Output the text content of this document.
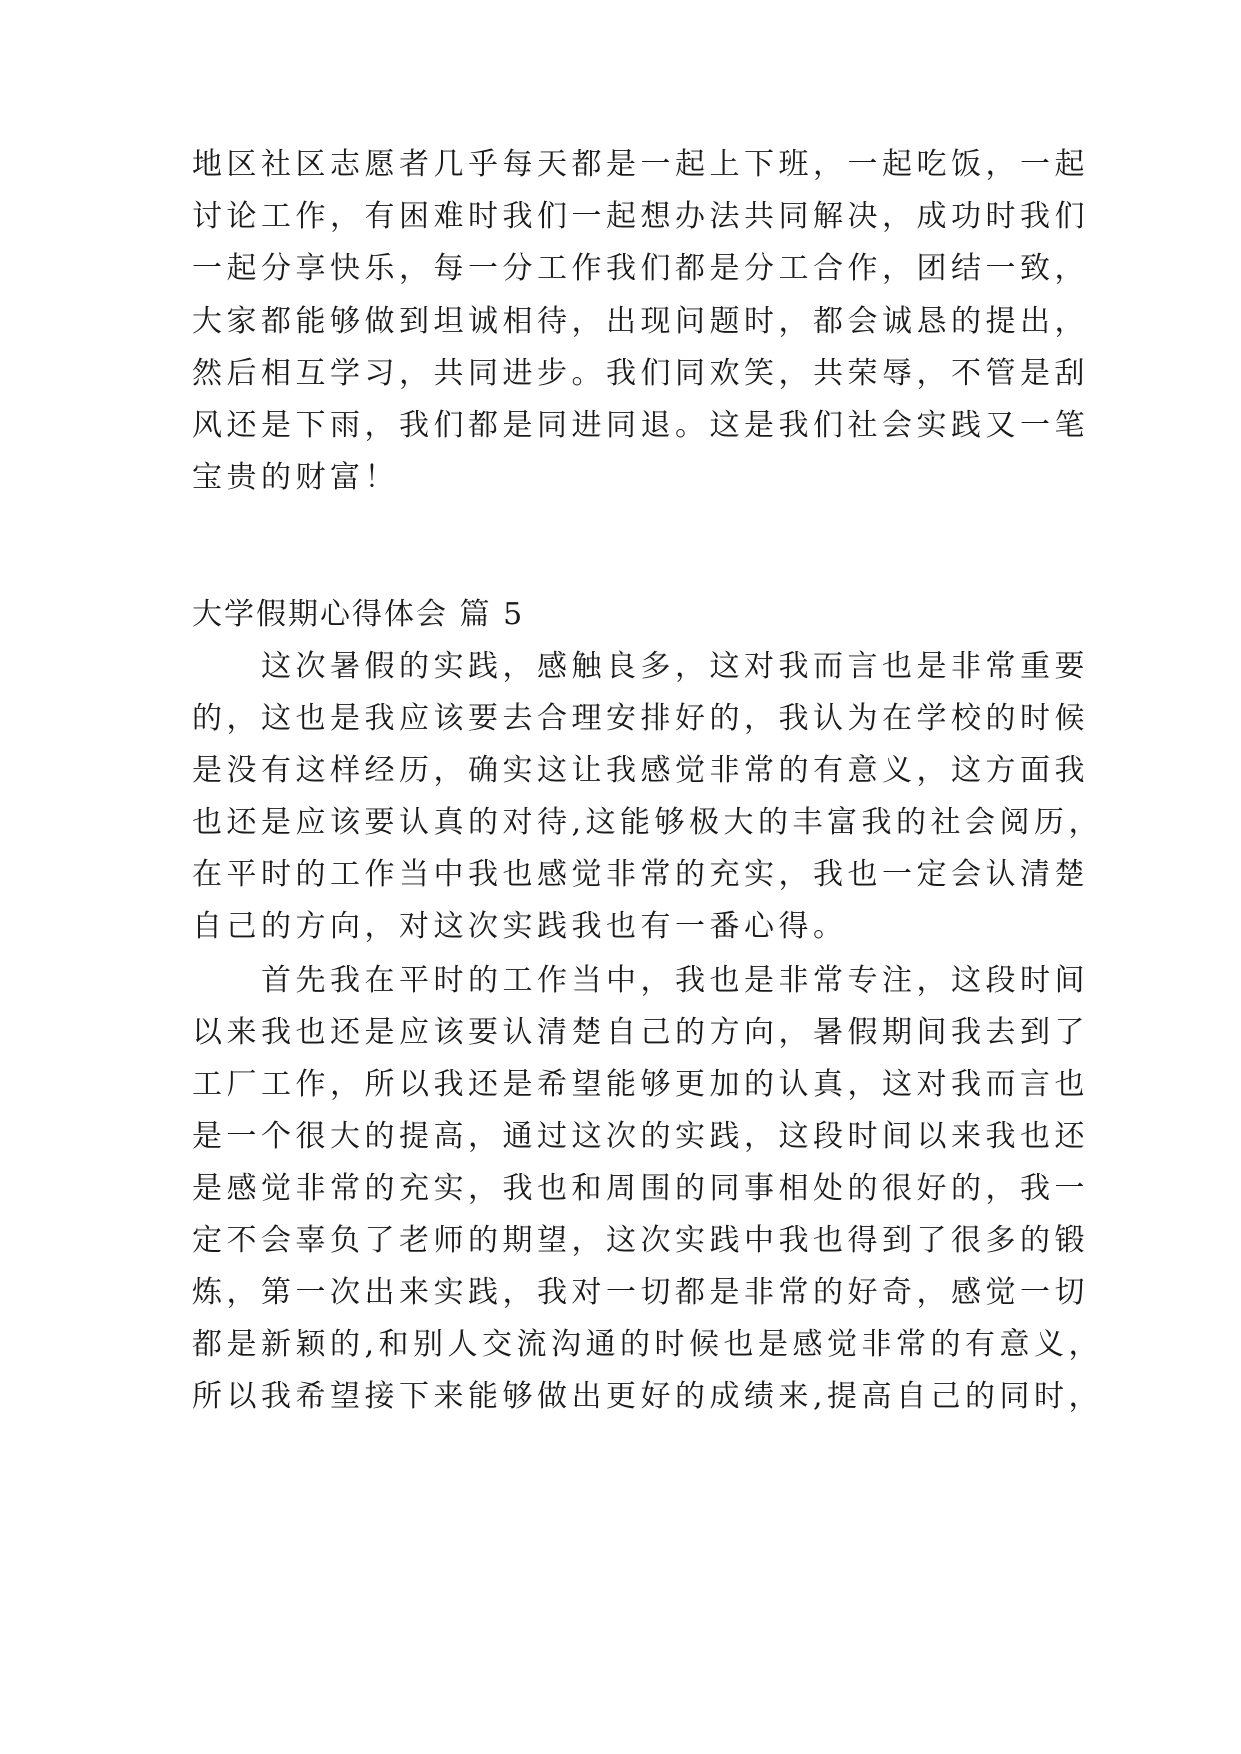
地区社区志愿者几乎每天都是一起上下班，一起吃饭，一起
讨论工作，有困难时我们一起想办法共同解决，成功时我们
一起分享快乐，每一分工作我们都是分工合作，团结一致，
大家都能够做到坦诚相待，出现问题时，都会诚恳的提出，
然后相互学习，共同进步。我们同欢笑，共荣辱，不管是刮
风还是下雨，我们都是同进同退。这是我们社会实践又一笔
宝贵的财富！
大学假期心得体会 篇 5
　　这次暑假的实践，感触良多，这对我而言也是非常重要
的，这也是我应该要去合理安排好的，我认为在学校的时候
是没有这样经历，确实这让我感觉非常的有意义，这方面我
也还是应该要认真的对待,这能够极大的丰富我的社会阅历，
在平时的工作当中我也感觉非常的充实，我也一定会认清楚
自己的方向，对这次实践我也有一番心得。
　　首先我在平时的工作当中，我也是非常专注，这段时间
以来我也还是应该要认清楚自己的方向，暑假期间我去到了
工厂工作，所以我还是希望能够更加的认真，这对我而言也
是一个很大的提高，通过这次的实践，这段时间以来我也还
是感觉非常的充实，我也和周围的同事相处的很好的，我一
定不会辜负了老师的期望，这次实践中我也得到了很多的锻
炼，第一次出来实践，我对一切都是非常的好奇，感觉一切
都是新颖的,和别人交流沟通的时候也是感觉非常的有意义，
所以我希望接下来能够做出更好的成绩来,提高自己的同时，
